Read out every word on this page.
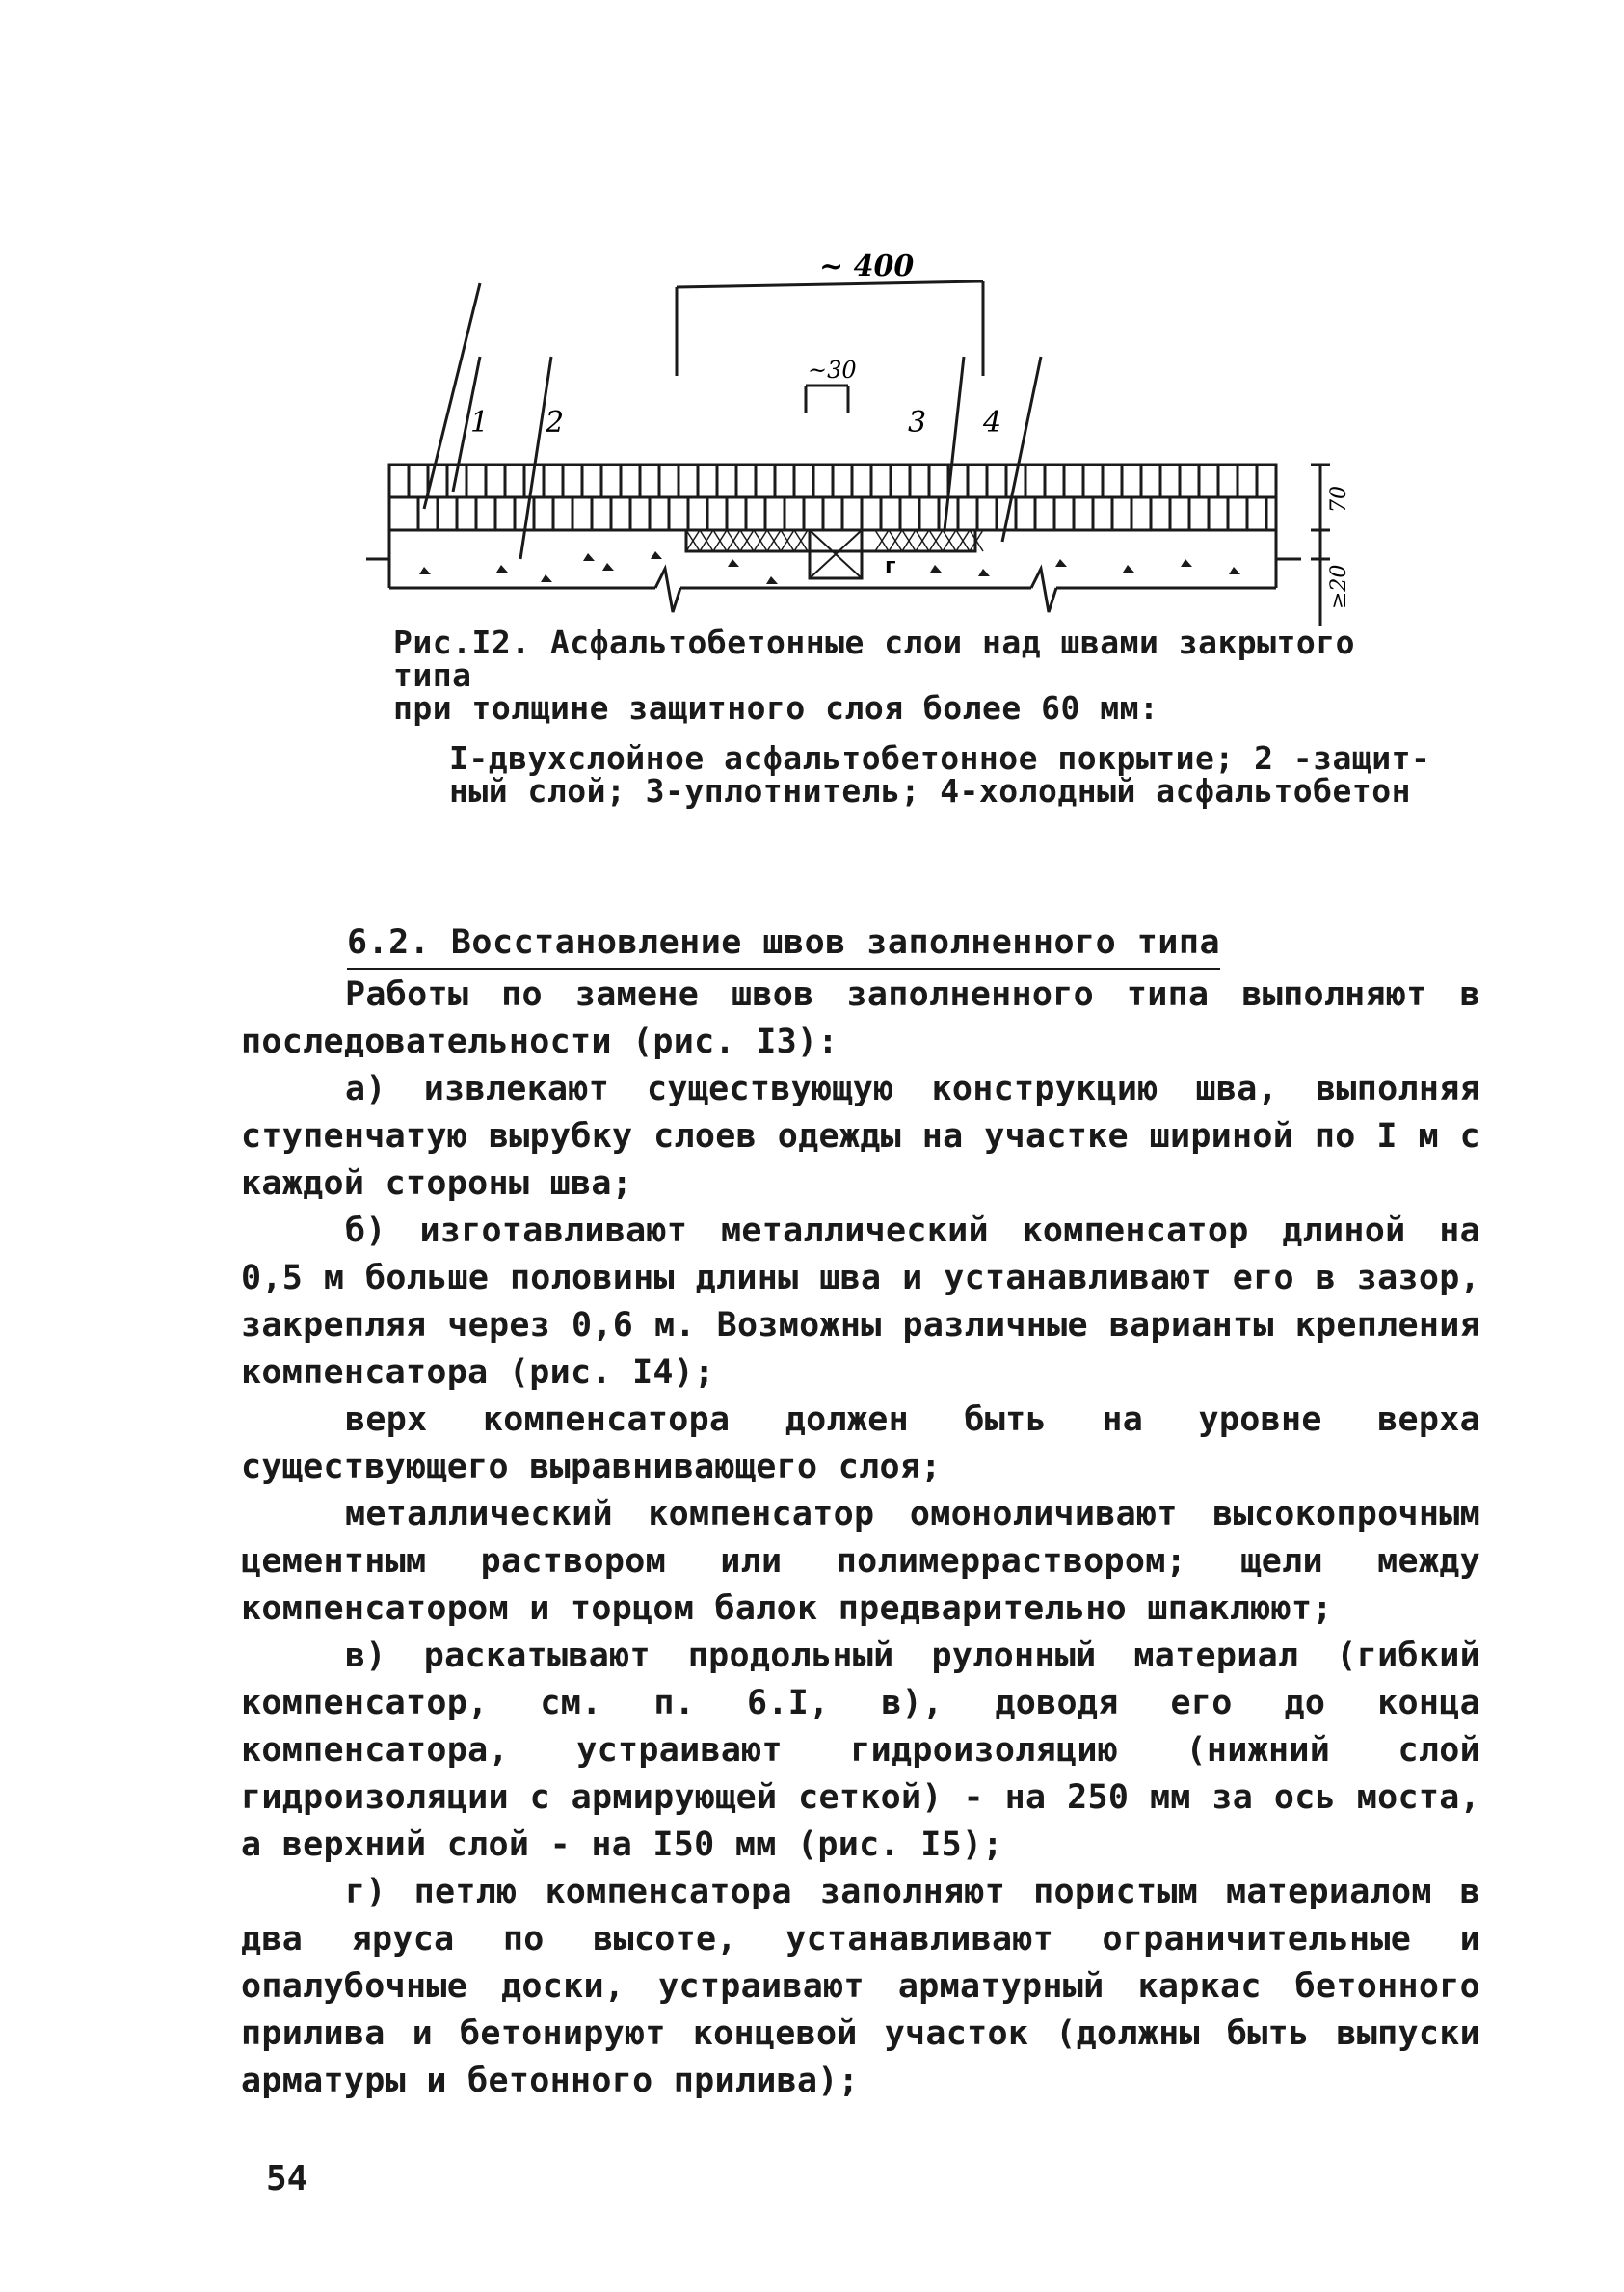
~ 400
~30
70
≥20
1 2	3 4
г
Рис.I2. Асфальтобетонные слои над швами закрытого типа
при толщине защитного слоя более 60 мм:
I-двухслойное асфальтобетонное покрытие; 2 -защит-
ный слой; 3-уплотнитель; 4-холодный асфальтобетон
6.2. Восстановление швов заполненного типа

Работы по замене швов заполненного типа выполняют в последовательности (рис. I3):

а) извлекают существующую конструкцию шва, выполняя ступенчатую вырубку слоев одежды на участке шириной по I м с каждой стороны шва;

б) изготавливают металлический компенсатор длиной на 0,5 м больше половины длины шва и устанавливают его в зазор, закрепляя через 0,6 м. Возможны различные варианты крепления компенсатора (рис. I4);

верх компенсатора должен быть на уровне верха существующего выравнивающего слоя;

металлический компенсатор омоноличивают высокопрочным цементным раствором или полимерраствором; щели между компенсатором и торцом балок предварительно шпаклюют;

в) раскатывают продольный рулонный материал (гибкий компенсатор, см. п. 6.I, в), доводя его до конца компенсатора, устраивают гидроизоляцию (нижний слой гидроизоляции с армирующей сеткой) - на 250 мм за ось моста, а верхний слой - на I50 мм (рис. I5);

г) петлю компенсатора заполняют пористым материалом в два яруса по высоте, устанавливают ограничительные и опалубочные доски, устраивают арматурный каркас бетонного прилива и бетонируют концевой участок (должны быть выпуски арматуры и бетонного прилива);

54
